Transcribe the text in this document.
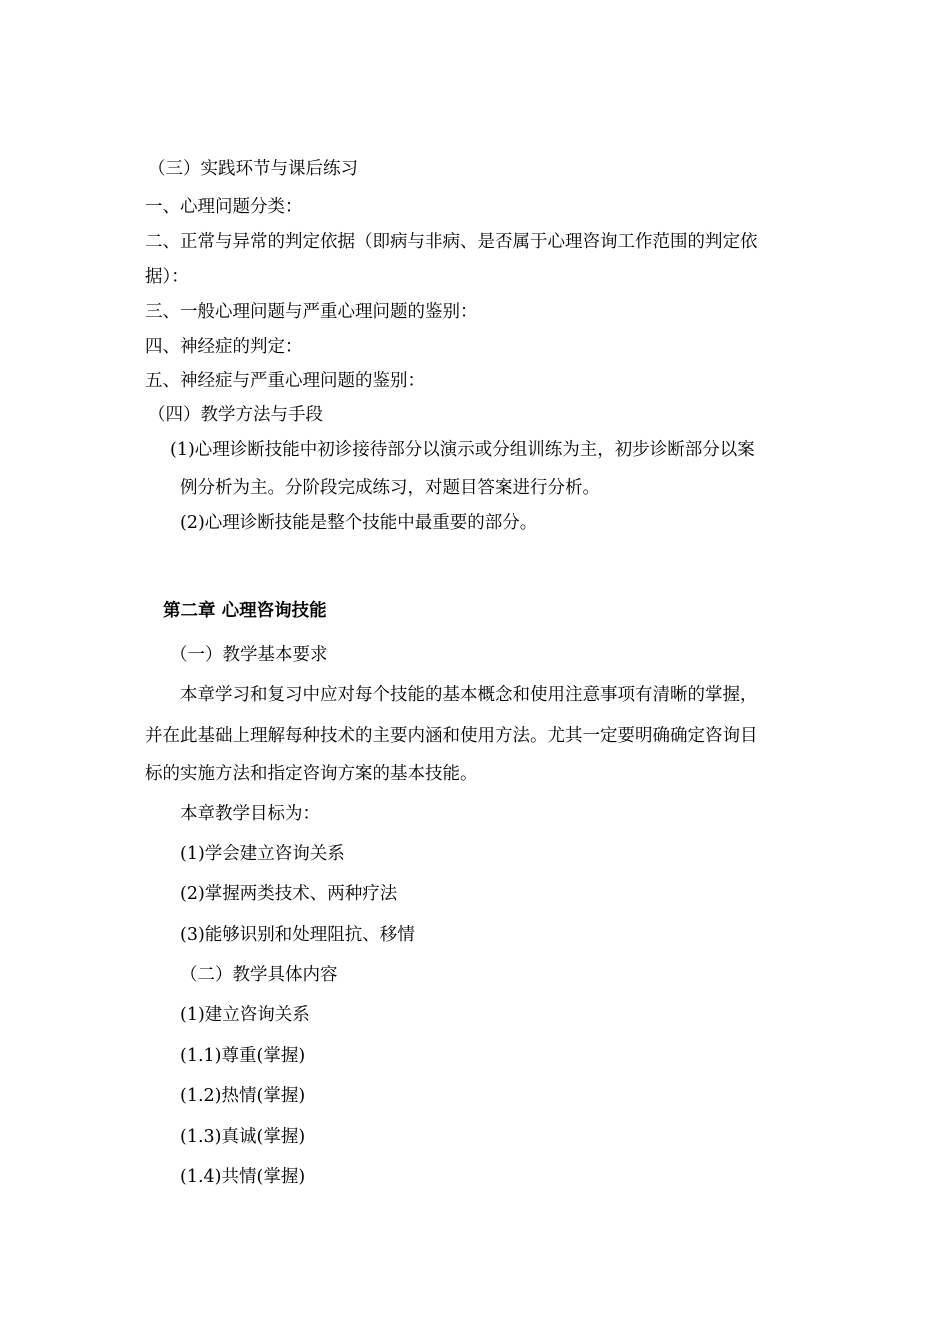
（三）实践环节与课后练习
一、心理问题分类：
二、正常与异常的判定依据（即病与非病、是否属于心理咨询工作范围的判定依
据）：
三、一般心理问题与严重心理问题的鉴别：
四、神经症的判定：
五、神经症与严重心理问题的鉴别：
（四）教学方法与手段
(1)心理诊断技能中初诊接待部分以演示或分组训练为主，初步诊断部分以案
例分析为主。分阶段完成练习，对题目答案进行分析。
(2)心理诊断技能是整个技能中最重要的部分。
第二章 心理咨询技能
（一）教学基本要求
本章学习和复习中应对每个技能的基本概念和使用注意事项有清晰的掌握，
并在此基础上理解每种技术的主要内涵和使用方法。尤其一定要明确确定咨询目
标的实施方法和指定咨询方案的基本技能。
本章教学目标为：
(1)学会建立咨询关系
(2)掌握两类技术、两种疗法
(3)能够识别和处理阻抗、移情
（二）教学具体内容
(1)建立咨询关系
(1.1)尊重(掌握)
(1.2)热情(掌握)
(1.3)真诚(掌握)
(1.4)共情(掌握)
